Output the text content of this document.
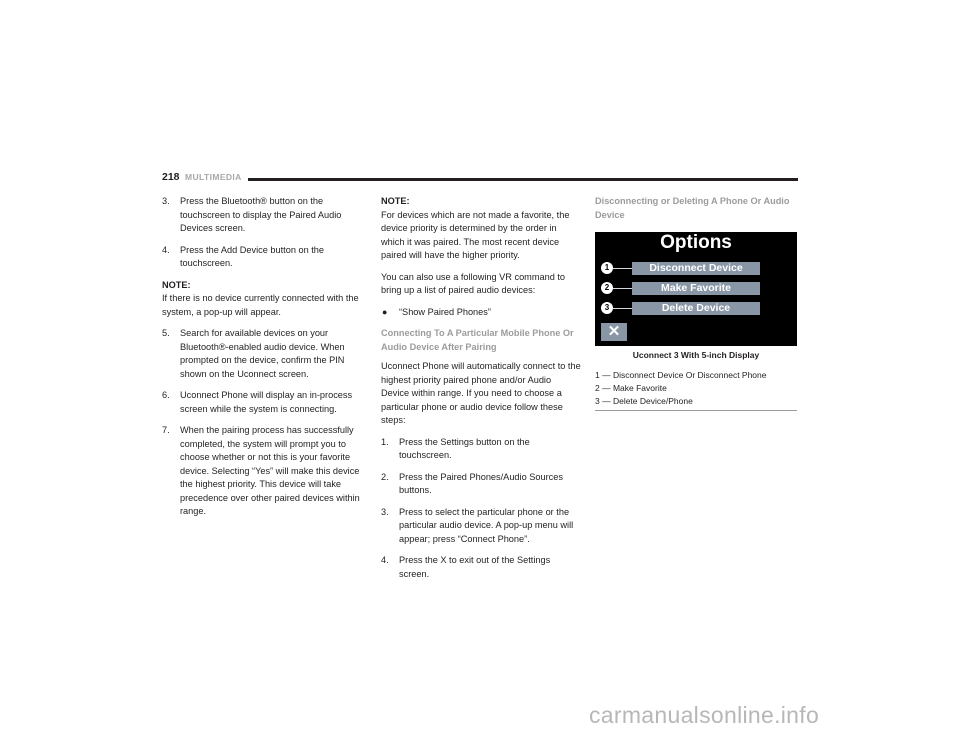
218 MULTIMEDIA
3. Press the Bluetooth® button on the touchscreen to display the Paired Audio Devices screen.
4. Press the Add Device button on the touchscreen.

NOTE:

If there is no device currently connected with the system, a pop-up will appear.

5. Search for available devices on your Bluetooth®-enabled audio device. When prompted on the device, confirm the PIN shown on the Uconnect screen.
6. Uconnect Phone will display an in-process screen while the system is connecting.
7. When the pairing process has successfully completed, the system will prompt you to choose whether or not this is your favorite device. Selecting “Yes” will make this device the highest priority. This device will take precedence over other paired devices within range.

NOTE:

For devices which are not made a favorite, the device priority is determined by the order in which it was paired. The most recent device paired will have the higher priority.

You can also use a following VR command to bring up a list of paired audio devices:

● “Show Paired Phones”

Connecting To A Particular Mobile Phone Or Audio Device After Pairing

Uconnect Phone will automatically connect to the highest priority paired phone and/or Audio Device within range. If you need to choose a particular phone or audio device follow these steps:

1. Press the Settings button on the touchscreen.
2. Press the Paired Phones/Audio Sources buttons.
3. Press to select the particular phone or the particular audio device. A pop-up menu will appear; press “Connect Phone”.
4. Press the X to exit out of the Settings screen.

Disconnecting or Deleting A Phone Or Audio Device

Options
1	Disconnect Device
2	Make Favorite
3	Delete Device
✕

Uconnect 3 With 5-inch Display

1 — Disconnect Device Or Disconnect Phone

2 — Make Favorite

3 — Delete Device/Phone

carmanualsonline.info
